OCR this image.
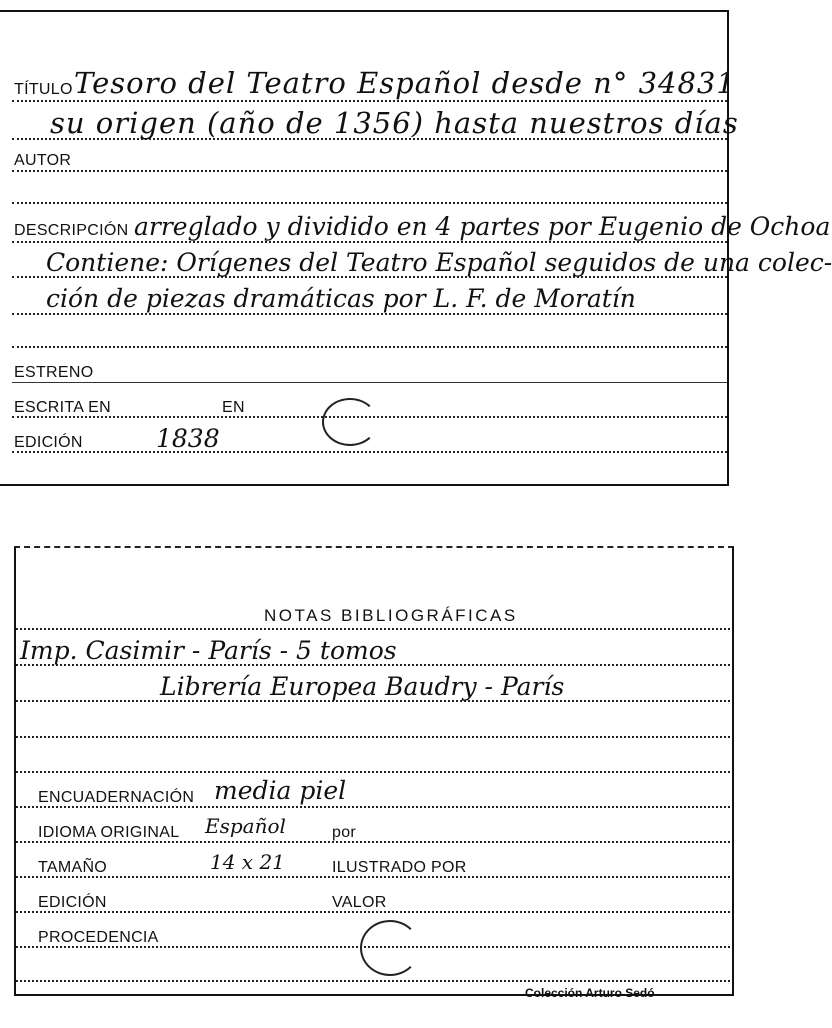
TÍTULO Tesoro del Teatro Español desde n° 34831
su origen (año de 1356) hasta nuestros días
AUTOR
DESCRIPCIÓN arreglado y dividido en 4 partes por Eugenio de Ochoa
Contiene: Orígenes del Teatro Español seguidos de una colec-
ción de piezas dramáticas por L. F. de Moratín
ESTRENO
ESCRITA EN	EN
EDICIÓN	1838
NOTAS BIBLIOGRÁFICAS
Imp. Casimir - París - 5 tomos
Librería Europea Baudry - París
ENCUADERNACIÓN media piel
IDIOMA ORIGINAL Español	por
TAMAÑO	14 x 21	ILUSTRADO POR
EDICIÓN	VALOR
PROCEDENCIA
Colección Arturo Sedó
